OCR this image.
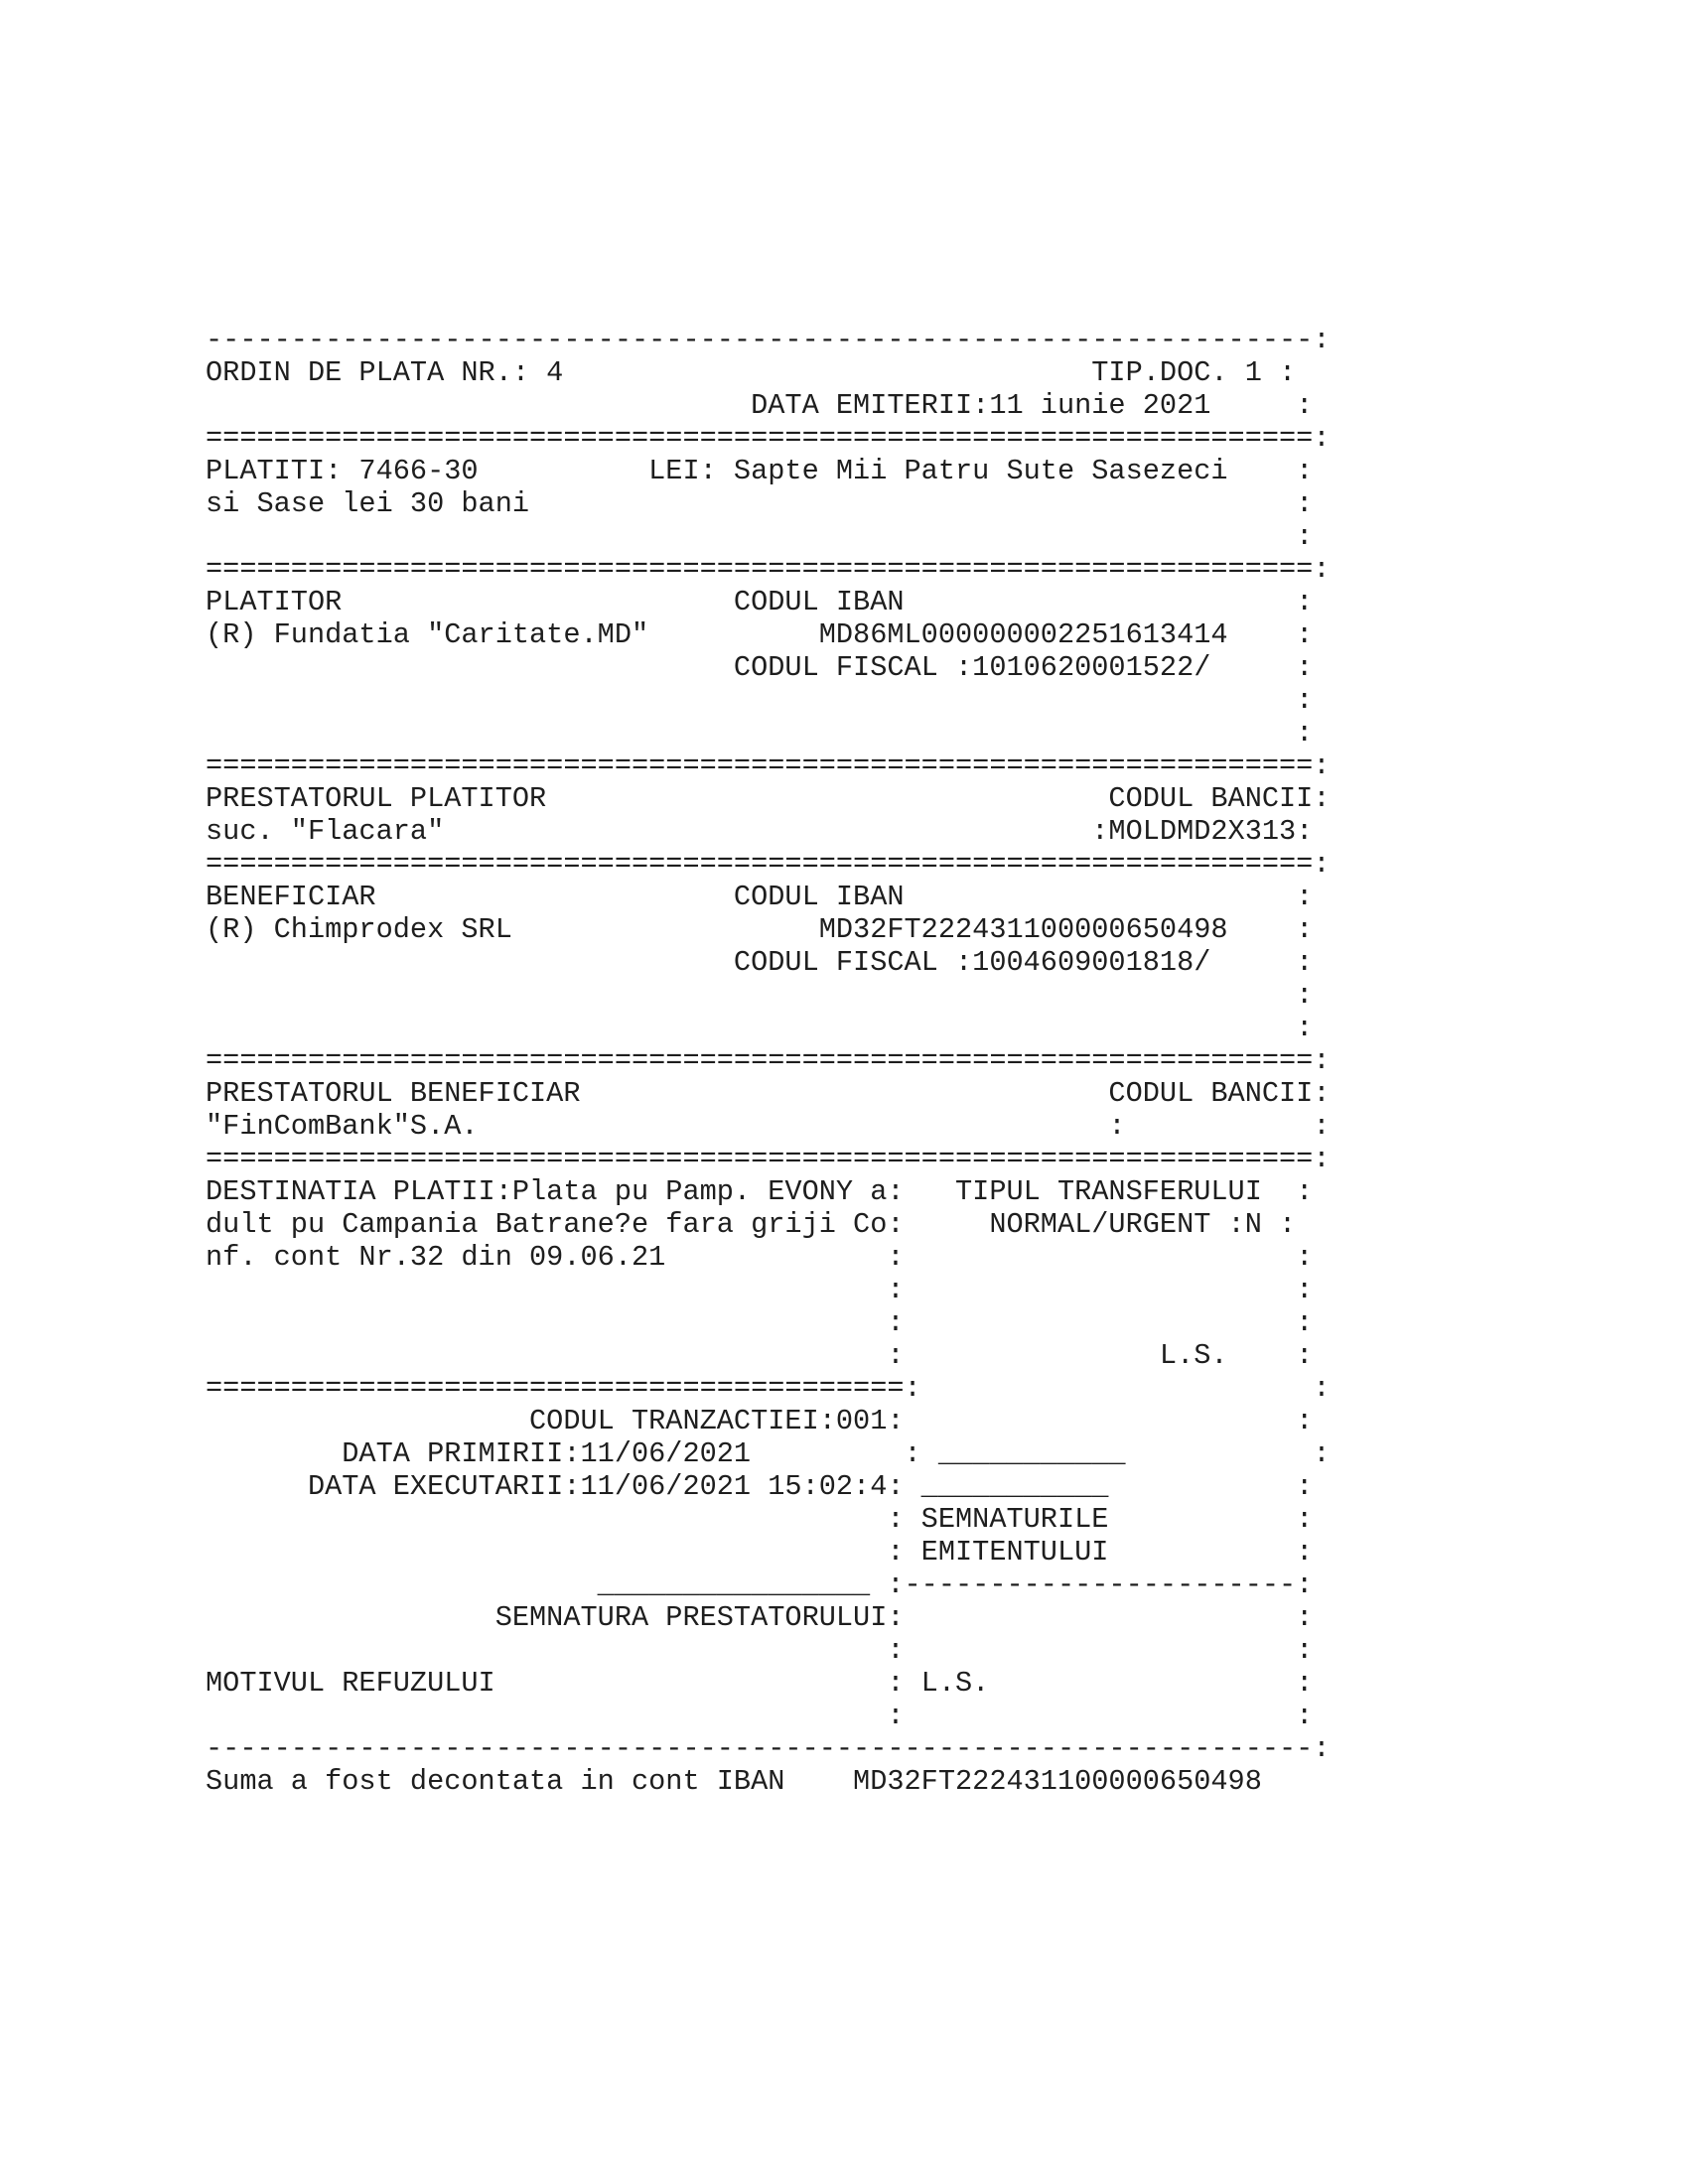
-----------------------------------------------------------------:
ORDIN DE PLATA NR.: 4                               TIP.DOC. 1 :
DATA EMITERII:11 iunie 2021     :
=================================================================:
PLATITI: 7466-30          LEI: Sapte Mii Patru Sute Sasezeci    :
si Sase lei 30 bani                                             :
:
=================================================================:
PLATITOR                       CODUL IBAN                       :
(R) Fundatia "Caritate.MD"          MD86ML000000002251613414    :
CODUL FISCAL :1010620001522/     :
:
:
=================================================================:
PRESTATORUL PLATITOR                                 CODUL BANCII:
suc. "Flacara"                                      :MOLDMD2X313:
=================================================================:
BENEFICIAR                     CODUL IBAN                       :
(R) Chimprodex SRL                  MD32FT222431100000650498    :
CODUL FISCAL :1004609001818/     :
:
:
=================================================================:
PRESTATORUL BENEFICIAR                               CODUL BANCII:
"FinComBank"S.A.                                     :           :
=================================================================:
DESTINATIA PLATII:Plata pu Pamp. EVONY a:   TIPUL TRANSFERULUI  :
dult pu Campania Batrane?e fara griji Co:     NORMAL/URGENT :N :
nf. cont Nr.32 din 09.06.21             :                       :
:                       :
:                       :
:               L.S.    :
=========================================:                       :
CODUL TRANZACTIEI:001:                       :
DATA PRIMIRII:11/06/2021         : ___________           :
DATA EXECUTARII:11/06/2021 15:02:4: ___________           :
: SEMNATURILE           :
: EMITENTULUI           :
________________ :-----------------------:
SEMNATURA PRESTATORULUI:                       :
:                       :
MOTIVUL REFUZULUI                       : L.S.                  :
:                       :
-----------------------------------------------------------------:
Suma a fost decontata in cont IBAN    MD32FT222431100000650498
